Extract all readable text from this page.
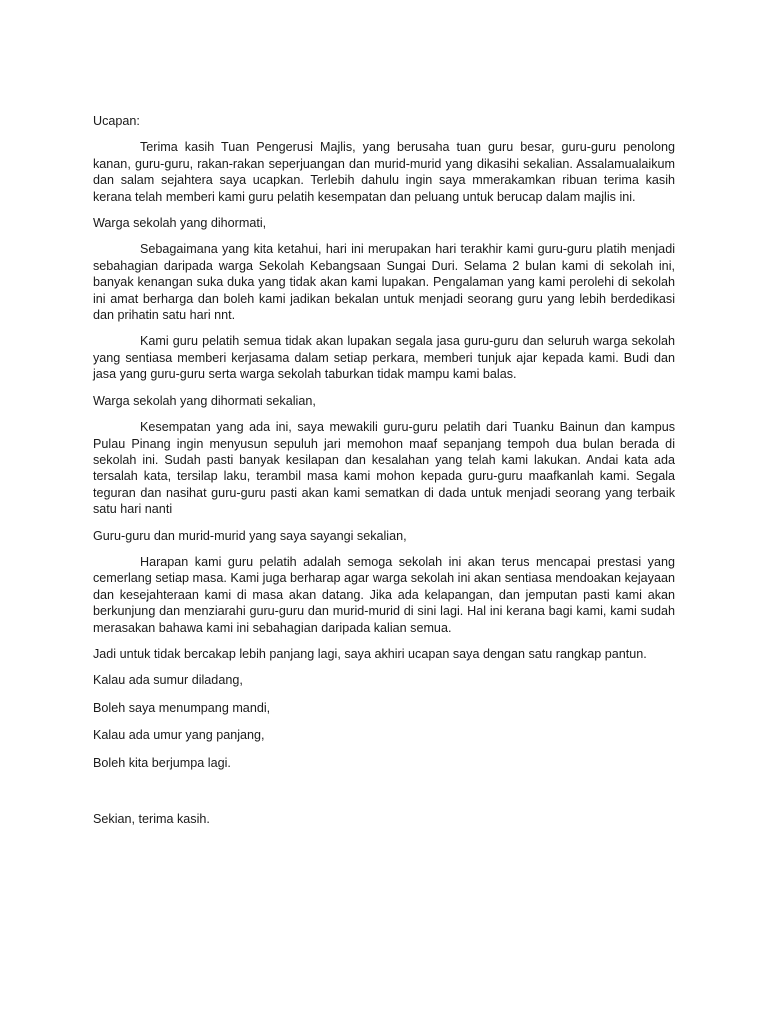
Ucapan:

Terima kasih Tuan Pengerusi Majlis, yang berusaha tuan guru besar, guru-guru penolong kanan, guru-guru, rakan-rakan seperjuangan dan murid-murid yang dikasihi sekalian. Assalamualaikum dan salam sejahtera saya ucapkan. Terlebih dahulu ingin saya mmerakamkan ribuan terima kasih kerana telah memberi kami guru pelatih kesempatan dan peluang untuk berucap dalam majlis ini.

Warga sekolah yang dihormati,

Sebagaimana yang kita ketahui, hari ini merupakan hari terakhir kami guru-guru platih menjadi sebahagian daripada warga Sekolah Kebangsaan Sungai Duri. Selama 2 bulan kami di sekolah ini, banyak kenangan suka duka yang tidak akan kami lupakan. Pengalaman yang kami perolehi di sekolah ini amat berharga dan boleh kami jadikan bekalan untuk menjadi seorang guru yang lebih berdedikasi dan prihatin satu hari nnt.

Kami guru pelatih semua tidak akan lupakan segala jasa guru-guru dan seluruh warga sekolah yang sentiasa memberi kerjasama dalam setiap perkara, memberi tunjuk ajar kepada kami. Budi dan jasa yang guru-guru serta warga sekolah taburkan tidak mampu kami balas.

Warga sekolah yang dihormati sekalian,

Kesempatan yang ada ini, saya mewakili guru-guru pelatih dari Tuanku Bainun dan kampus Pulau Pinang ingin menyusun sepuluh jari memohon maaf sepanjang tempoh dua bulan berada di sekolah ini. Sudah pasti banyak kesilapan dan kesalahan yang telah kami lakukan. Andai kata ada tersalah kata, tersilap laku, terambil masa kami mohon kepada guru-guru maafkanlah kami. Segala teguran dan nasihat guru-guru pasti akan kami sematkan di dada untuk menjadi seorang yang terbaik satu hari nanti

Guru-guru dan murid-murid yang saya sayangi sekalian,

Harapan kami guru pelatih adalah semoga sekolah ini akan terus mencapai prestasi yang cemerlang setiap masa. Kami juga berharap agar warga sekolah ini akan sentiasa mendoakan kejayaan dan kesejahteraan kami di masa akan datang. Jika ada kelapangan, dan jemputan pasti kami akan berkunjung dan menziarahi guru-guru dan murid-murid di sini lagi. Hal ini kerana bagi kami, kami sudah merasakan bahawa kami ini sebahagian daripada kalian semua.

Jadi untuk tidak bercakap lebih panjang lagi, saya akhiri ucapan saya dengan satu rangkap pantun.

Kalau ada sumur diladang,

Boleh saya menumpang mandi,

Kalau ada umur yang panjang,

Boleh kita berjumpa lagi.

Sekian, terima kasih.
